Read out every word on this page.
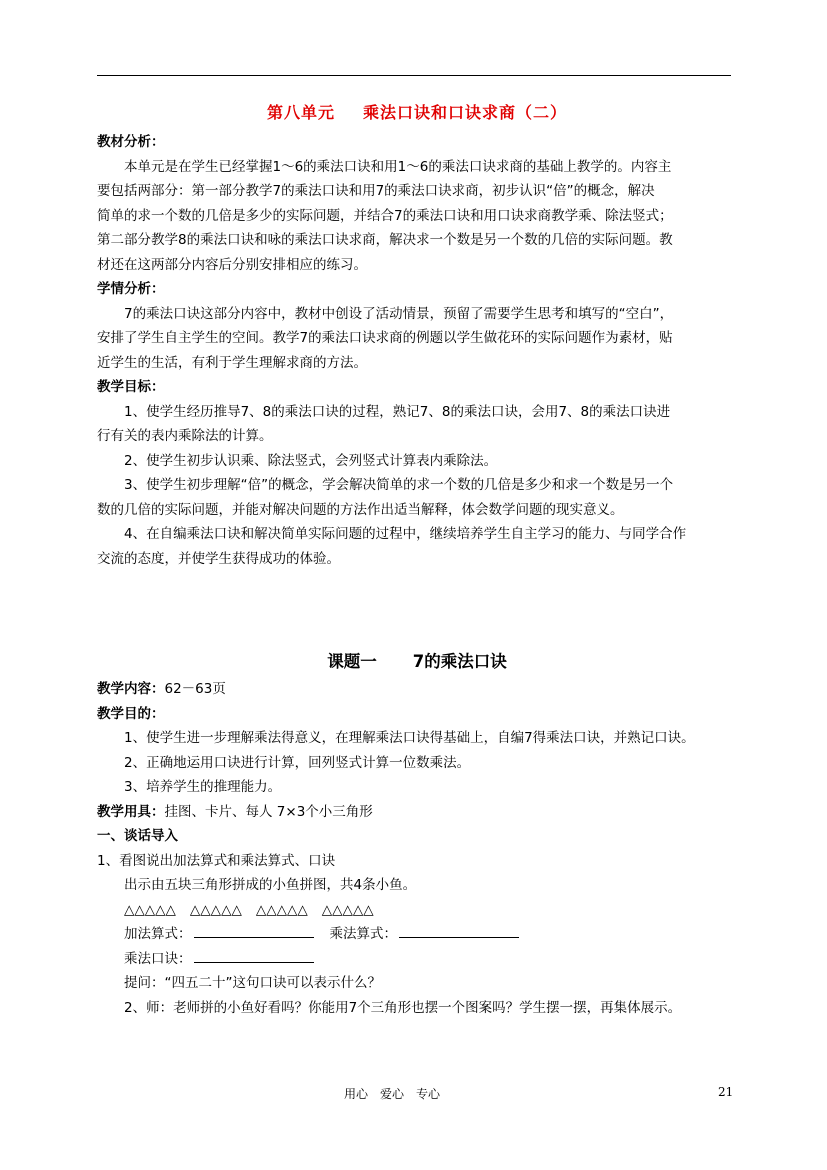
第八单元 乘法口诀和口诀求商（二）
教材分析：
本单元是在学生已经掌握1～6的乘法口诀和用1～6的乘法口诀求商的基础上教学的。内容主
要包括两部分：第一部分教学7的乘法口诀和用7的乘法口诀求商，初步认识“倍”的概念，解决
简单的求一个数的几倍是多少的实际问题，并结合7的乘法口诀和用口诀求商教学乘、除法竖式；
第二部分教学8的乘法口诀和咏的乘法口诀求商，解决求一个数是另一个数的几倍的实际问题。教
材还在这两部分内容后分别安排相应的练习。
学情分析：
7的乘法口诀这部分内容中，教材中创设了活动情景，预留了需要学生思考和填写的“空白”，
安排了学生自主学生的空间。教学7的乘法口诀求商的例题以学生做花环的实际问题作为素材，贴
近学生的生活，有利于学生理解求商的方法。
教学目标：
1、使学生经历推导7、8的乘法口诀的过程，熟记7、8的乘法口诀，会用7、8的乘法口诀进
行有关的表内乘除法的计算。
2、使学生初步认识乘、除法竖式，会列竖式计算表内乘除法。
3、使学生初步理解“倍”的概念，学会解决简单的求一个数的几倍是多少和求一个数是另一个
数的几倍的实际问题，并能对解决问题的方法作出适当解释，体会数学问题的现实意义。
4、在自编乘法口诀和解决简单实际问题的过程中，继续培养学生自主学习的能力、与同学合作
交流的态度，并使学生获得成功的体验。
课题一 7的乘法口诀
教学内容：62－63页
教学目的：
1、使学生进一步理解乘法得意义，在理解乘法口诀得基础上，自编7得乘法口诀，并熟记口诀。
2、正确地运用口诀进行计算，回列竖式计算一位数乘法。
3、培养学生的推理能力。
教学用具：挂图、卡片、每人 7×3个小三角形
一、谈话导入
1、看图说出加法算式和乘法算式、口诀
出示由五块三角形拼成的小鱼拼图，共4条小鱼。
△△△△△ △△△△△ △△△△△ △△△△△
加法算式：	乘法算式：
乘法口诀：
提问：“四五二十”这句口诀可以表示什么？
2、师：老师拼的小鱼好看吗？你能用7个三角形也摆一个图案吗？学生摆一摆，再集体展示。
用心 爱心 专心	21
